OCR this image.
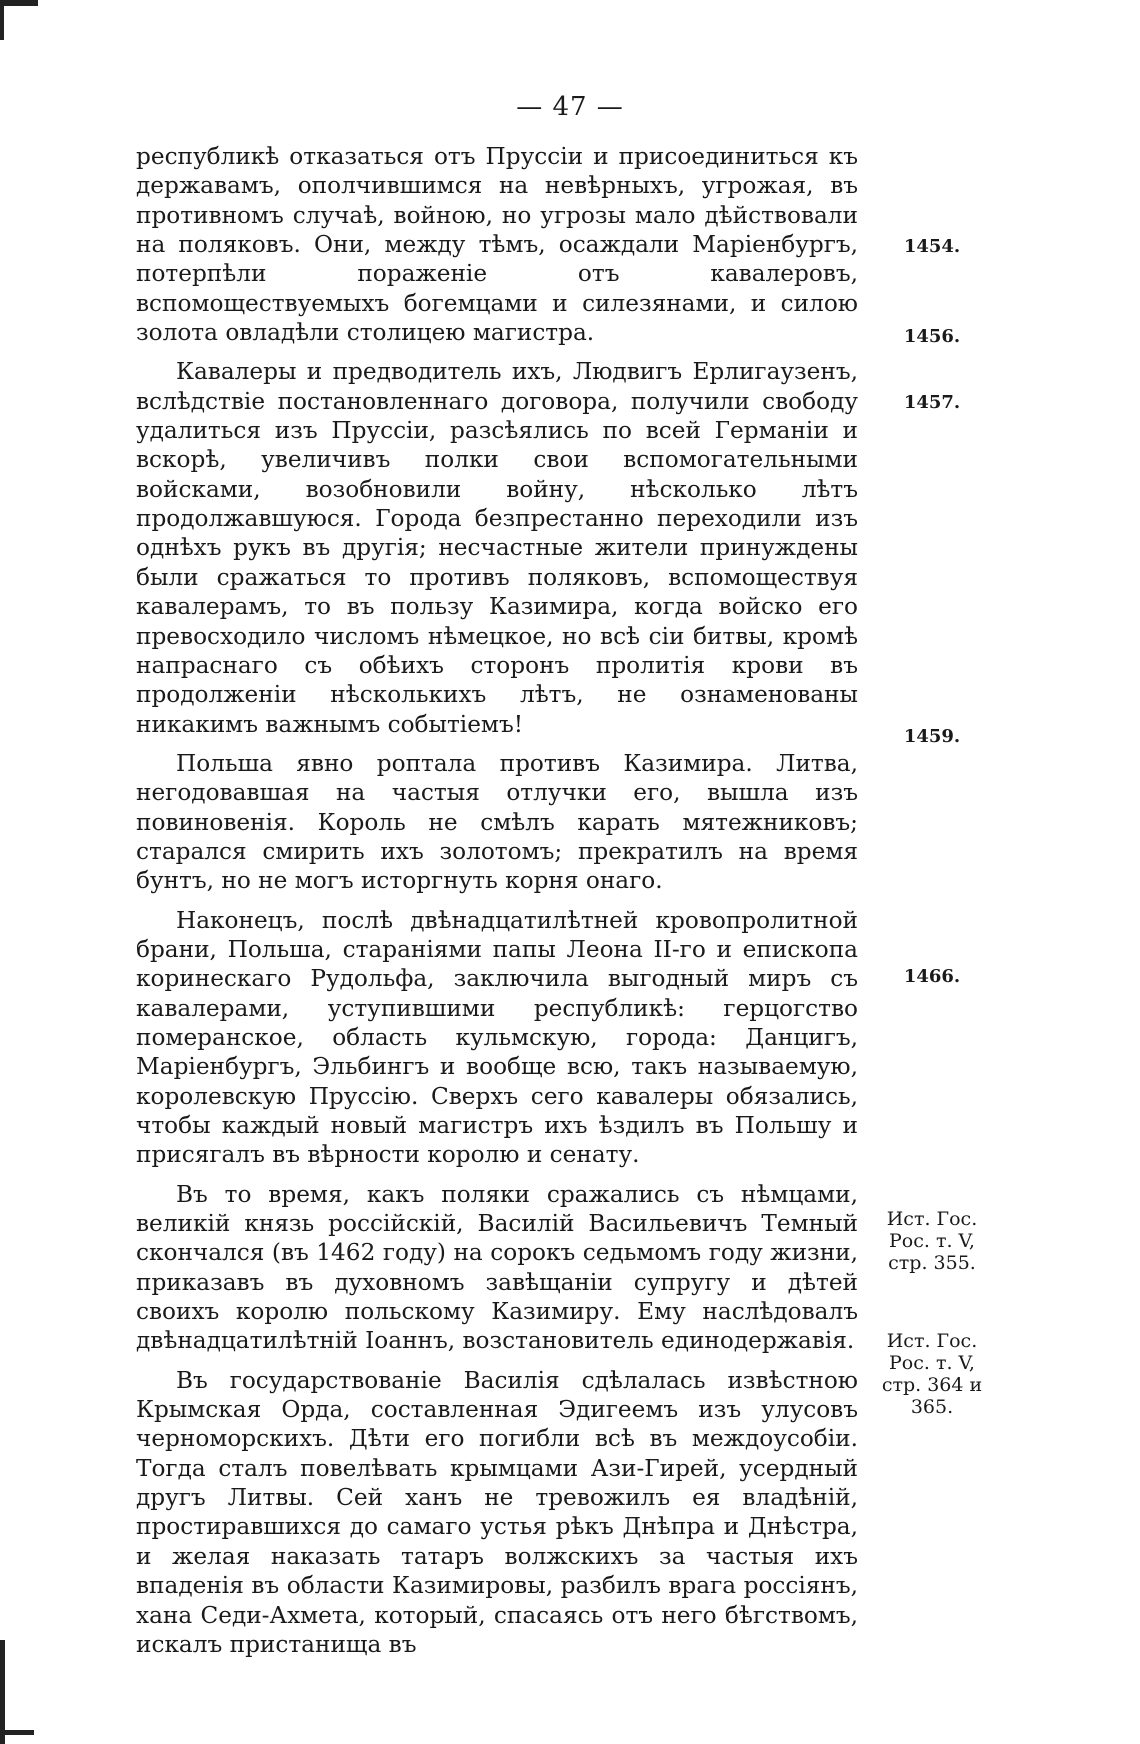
— 47 —

республикѣ отказаться отъ Пруссіи и присоединиться къ державамъ, ополчившимся на невѣрныхъ, угрожая, въ противномъ случаѣ, войною, но угрозы мало дѣйствовали на поляковъ. Они, между тѣмъ, осаждали Маріенбургъ, потерпѣли пораженіе отъ кавалеровъ, вспомоществуемыхъ богемцами и силезянами, и силою золота овладѣли столицею магистра.

Кавалеры и предводитель ихъ, Людвигъ Ерлигаузенъ, вслѣдствіе постановленнаго договора, получили свободу удалиться изъ Пруссіи, разсѣялись по всей Германіи и вскорѣ, увеличивъ полки свои вспомогательными войсками, возобновили войну, нѣсколько лѣтъ продолжавшуюся. Города безпрестанно переходили изъ однѣхъ рукъ въ другія; несчастные жители принуждены были сражаться то противъ поляковъ, вспомоществуя кавалерамъ, то въ пользу Казимира, когда войско его превосходило числомъ нѣмецкое, но всѣ сіи битвы, кромѣ напраснаго съ обѣихъ сторонъ пролитія крови въ продолженіи нѣсколькихъ лѣтъ, не ознаменованы никакимъ важнымъ событіемъ!

Польша явно роптала противъ Казимира. Литва, негодовавшая на частыя отлучки его, вышла изъ повиновенія. Король не смѣлъ карать мятежниковъ; старался смирить ихъ золотомъ; прекратилъ на время бунтъ, но не могъ исторгнуть корня онаго.

Наконецъ, послѣ двѣнадцатилѣтней кровопролитной брани, Польша, стараніями папы Леона II-го и епископа коринескаго Рудольфа, заключила выгодный миръ съ кавалерами, уступившими республикѣ: герцогство померанское, область кульмскую, города: Данцигъ, Маріенбургъ, Эльбингъ и вообще всю, такъ называемую, королевскую Пруссію. Сверхъ сего кавалеры обязались, чтобы каждый новый магистръ ихъ ѣздилъ въ Польшу и присягалъ въ вѣрности королю и сенату.

Въ то время, какъ поляки сражались съ нѣмцами, великій князь россійскій, Василій Васильевичъ Темный скончался (въ 1462 году) на сорокъ седьмомъ году жизни, приказавъ въ духовномъ завѣщаніи супругу и дѣтей своихъ королю польскому Казимиру. Ему наслѣдовалъ двѣнадцатилѣтній Іоаннъ, возстановитель единодержавія.

Въ государствованіе Василія сдѣлалась извѣстною Крымская Орда, составленная Эдигеемъ изъ улусовъ черноморскихъ. Дѣти его погибли всѣ въ междоусобіи. Тогда сталъ повелѣвать крымцами Ази-Гирей, усердный другъ Литвы. Сей ханъ не тревожилъ ея владѣній, простиравшихся до самаго устья рѣкъ Днѣпра и Днѣстра, и желая наказать татаръ волжскихъ за частыя ихъ впаденія въ области Казимировы, разбилъ врага россіянъ, хана Седи-Ахмета, который, спасаясь отъ него бѣгствомъ, искалъ пристанища въ

1454.
1456.
1457.
1459.
1466.
Ист. Гос. Рос. т. V, стр. 355.
Ист. Гос. Рос. т. V, стр. 364 и 365.
